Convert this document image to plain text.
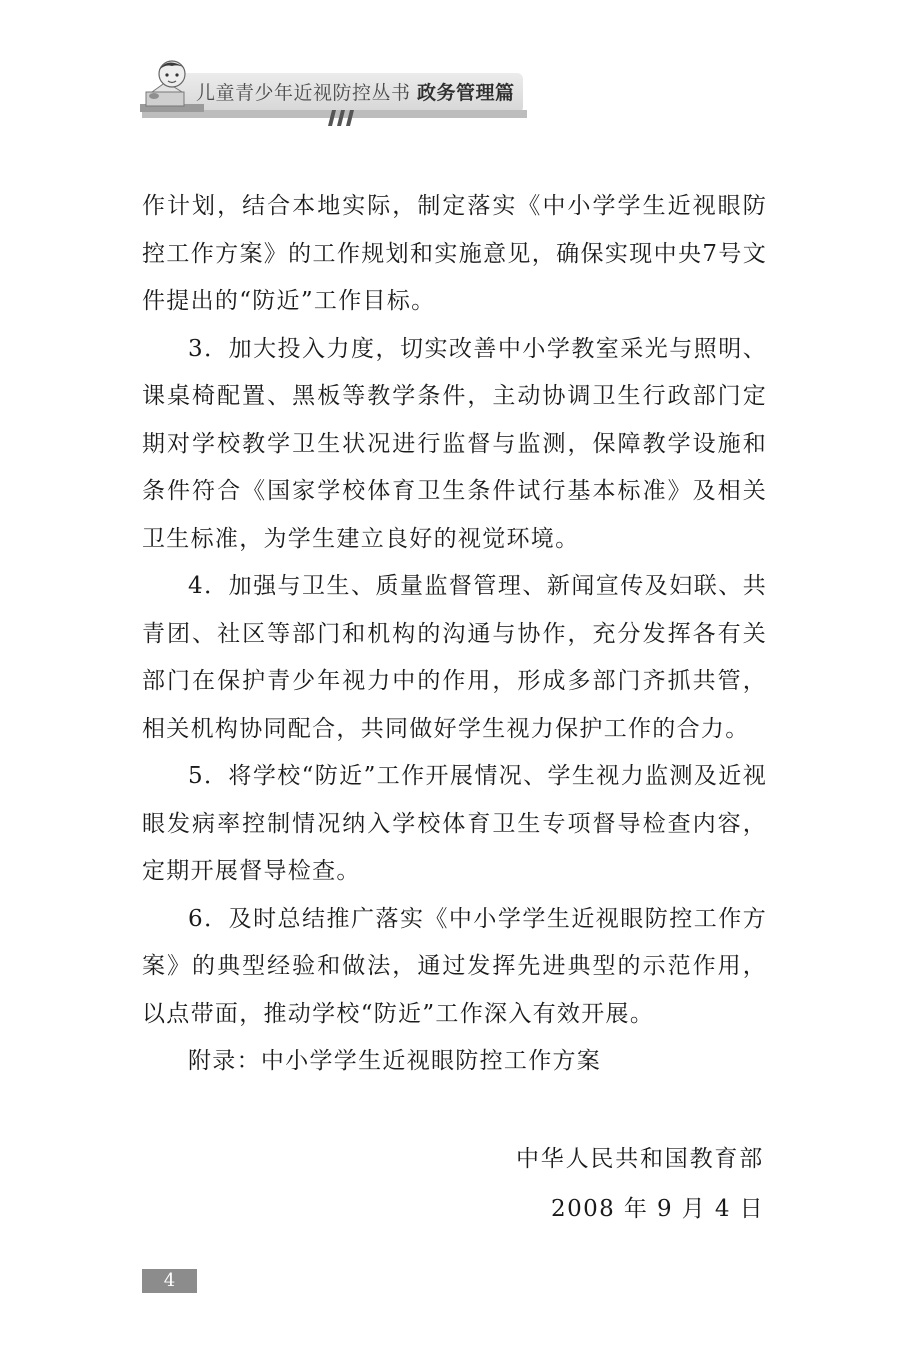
儿童青少年近视防控丛书 政务管理篇

作计划，结合本地实际，制定落实《中小学学生近视眼防控工作方案》的工作规划和实施意见，确保实现中央7号文件提出的“防近”工作目标。

3．加大投入力度，切实改善中小学教室采光与照明、课桌椅配置、黑板等教学条件，主动协调卫生行政部门定期对学校教学卫生状况进行监督与监测，保障教学设施和条件符合《国家学校体育卫生条件试行基本标准》及相关卫生标准，为学生建立良好的视觉环境。

4．加强与卫生、质量监督管理、新闻宣传及妇联、共青团、社区等部门和机构的沟通与协作，充分发挥各有关部门在保护青少年视力中的作用，形成多部门齐抓共管，相关机构协同配合，共同做好学生视力保护工作的合力。

5．将学校“防近”工作开展情况、学生视力监测及近视眼发病率控制情况纳入学校体育卫生专项督导检查内容，定期开展督导检查。

6．及时总结推广落实《中小学学生近视眼防控工作方案》的典型经验和做法，通过发挥先进典型的示范作用，以点带面，推动学校“防近”工作深入有效开展。

附录：中小学学生近视眼防控工作方案

中华人民共和国教育部
2008 年 9 月 4 日
4
